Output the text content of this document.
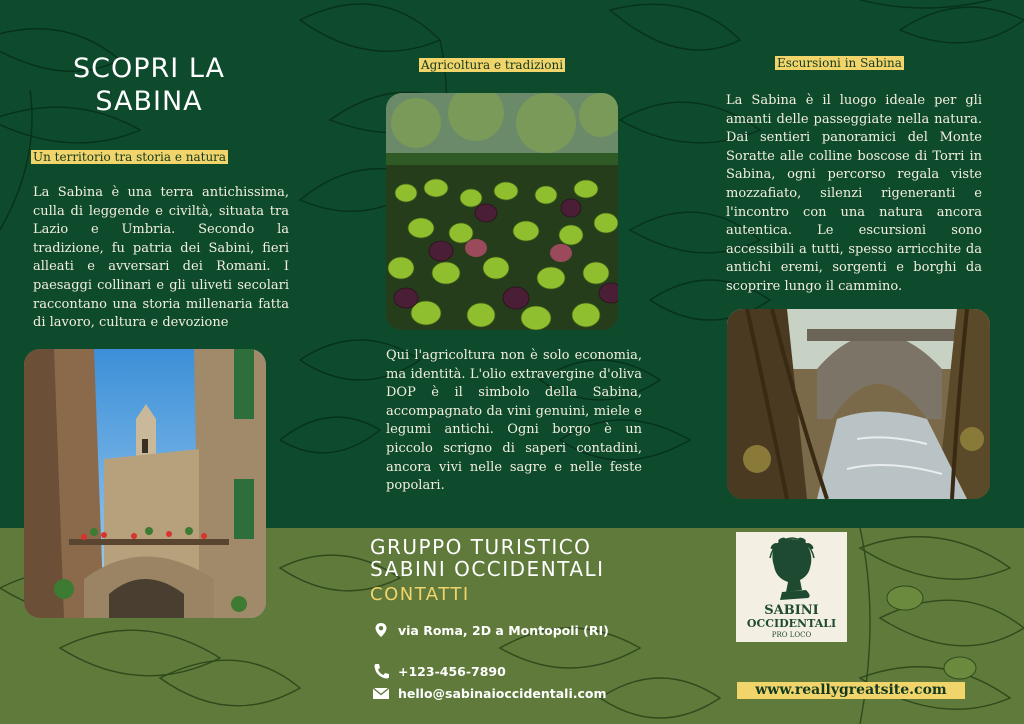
SCOPRI LA
SABINA
Un territorio tra storia e natura
La Sabina è una terra antichissima, culla di leggende e civiltà, situata tra Lazio e Umbria. Secondo la tradizione, fu patria dei Sabini, fieri alleati e avversari dei Romani. I paesaggi collinari e gli uliveti secolari raccontano una storia millenaria fatta di lavoro, cultura e devozione
Agricoltura e tradizioni
Qui l'agricoltura non è solo economia, ma identità. L'olio extravergine d'oliva DOP è il simbolo della Sabina, accompagnato da vini genuini, miele e legumi antichi. Ogni borgo è un piccolo scrigno di saperi contadini, ancora vivi nelle sagre e nelle feste popolari.
Escursioni in Sabina
La Sabina è il luogo ideale per gli amanti delle passeggiate nella natura. Dai sentieri panoramici del Monte Soratte alle colline boscose di Torri in Sabina, ogni percorso regala viste mozzafiato, silenzi rigeneranti e l'incontro con una natura ancora autentica. Le escursioni sono accessibili a tutti, spesso arricchite da antichi eremi, sorgenti e borghi da scoprire lungo il cammino.
GRUPPO TURISTICO
SABINI OCCIDENTALI
CONTATTI
via Roma, 2D a Montopoli (RI)
+123-456-7890
hello@sabinaioccidentali.com
SABINI
OCCIDENTALI
PRO LOCO
www.reallygreatsite.com
